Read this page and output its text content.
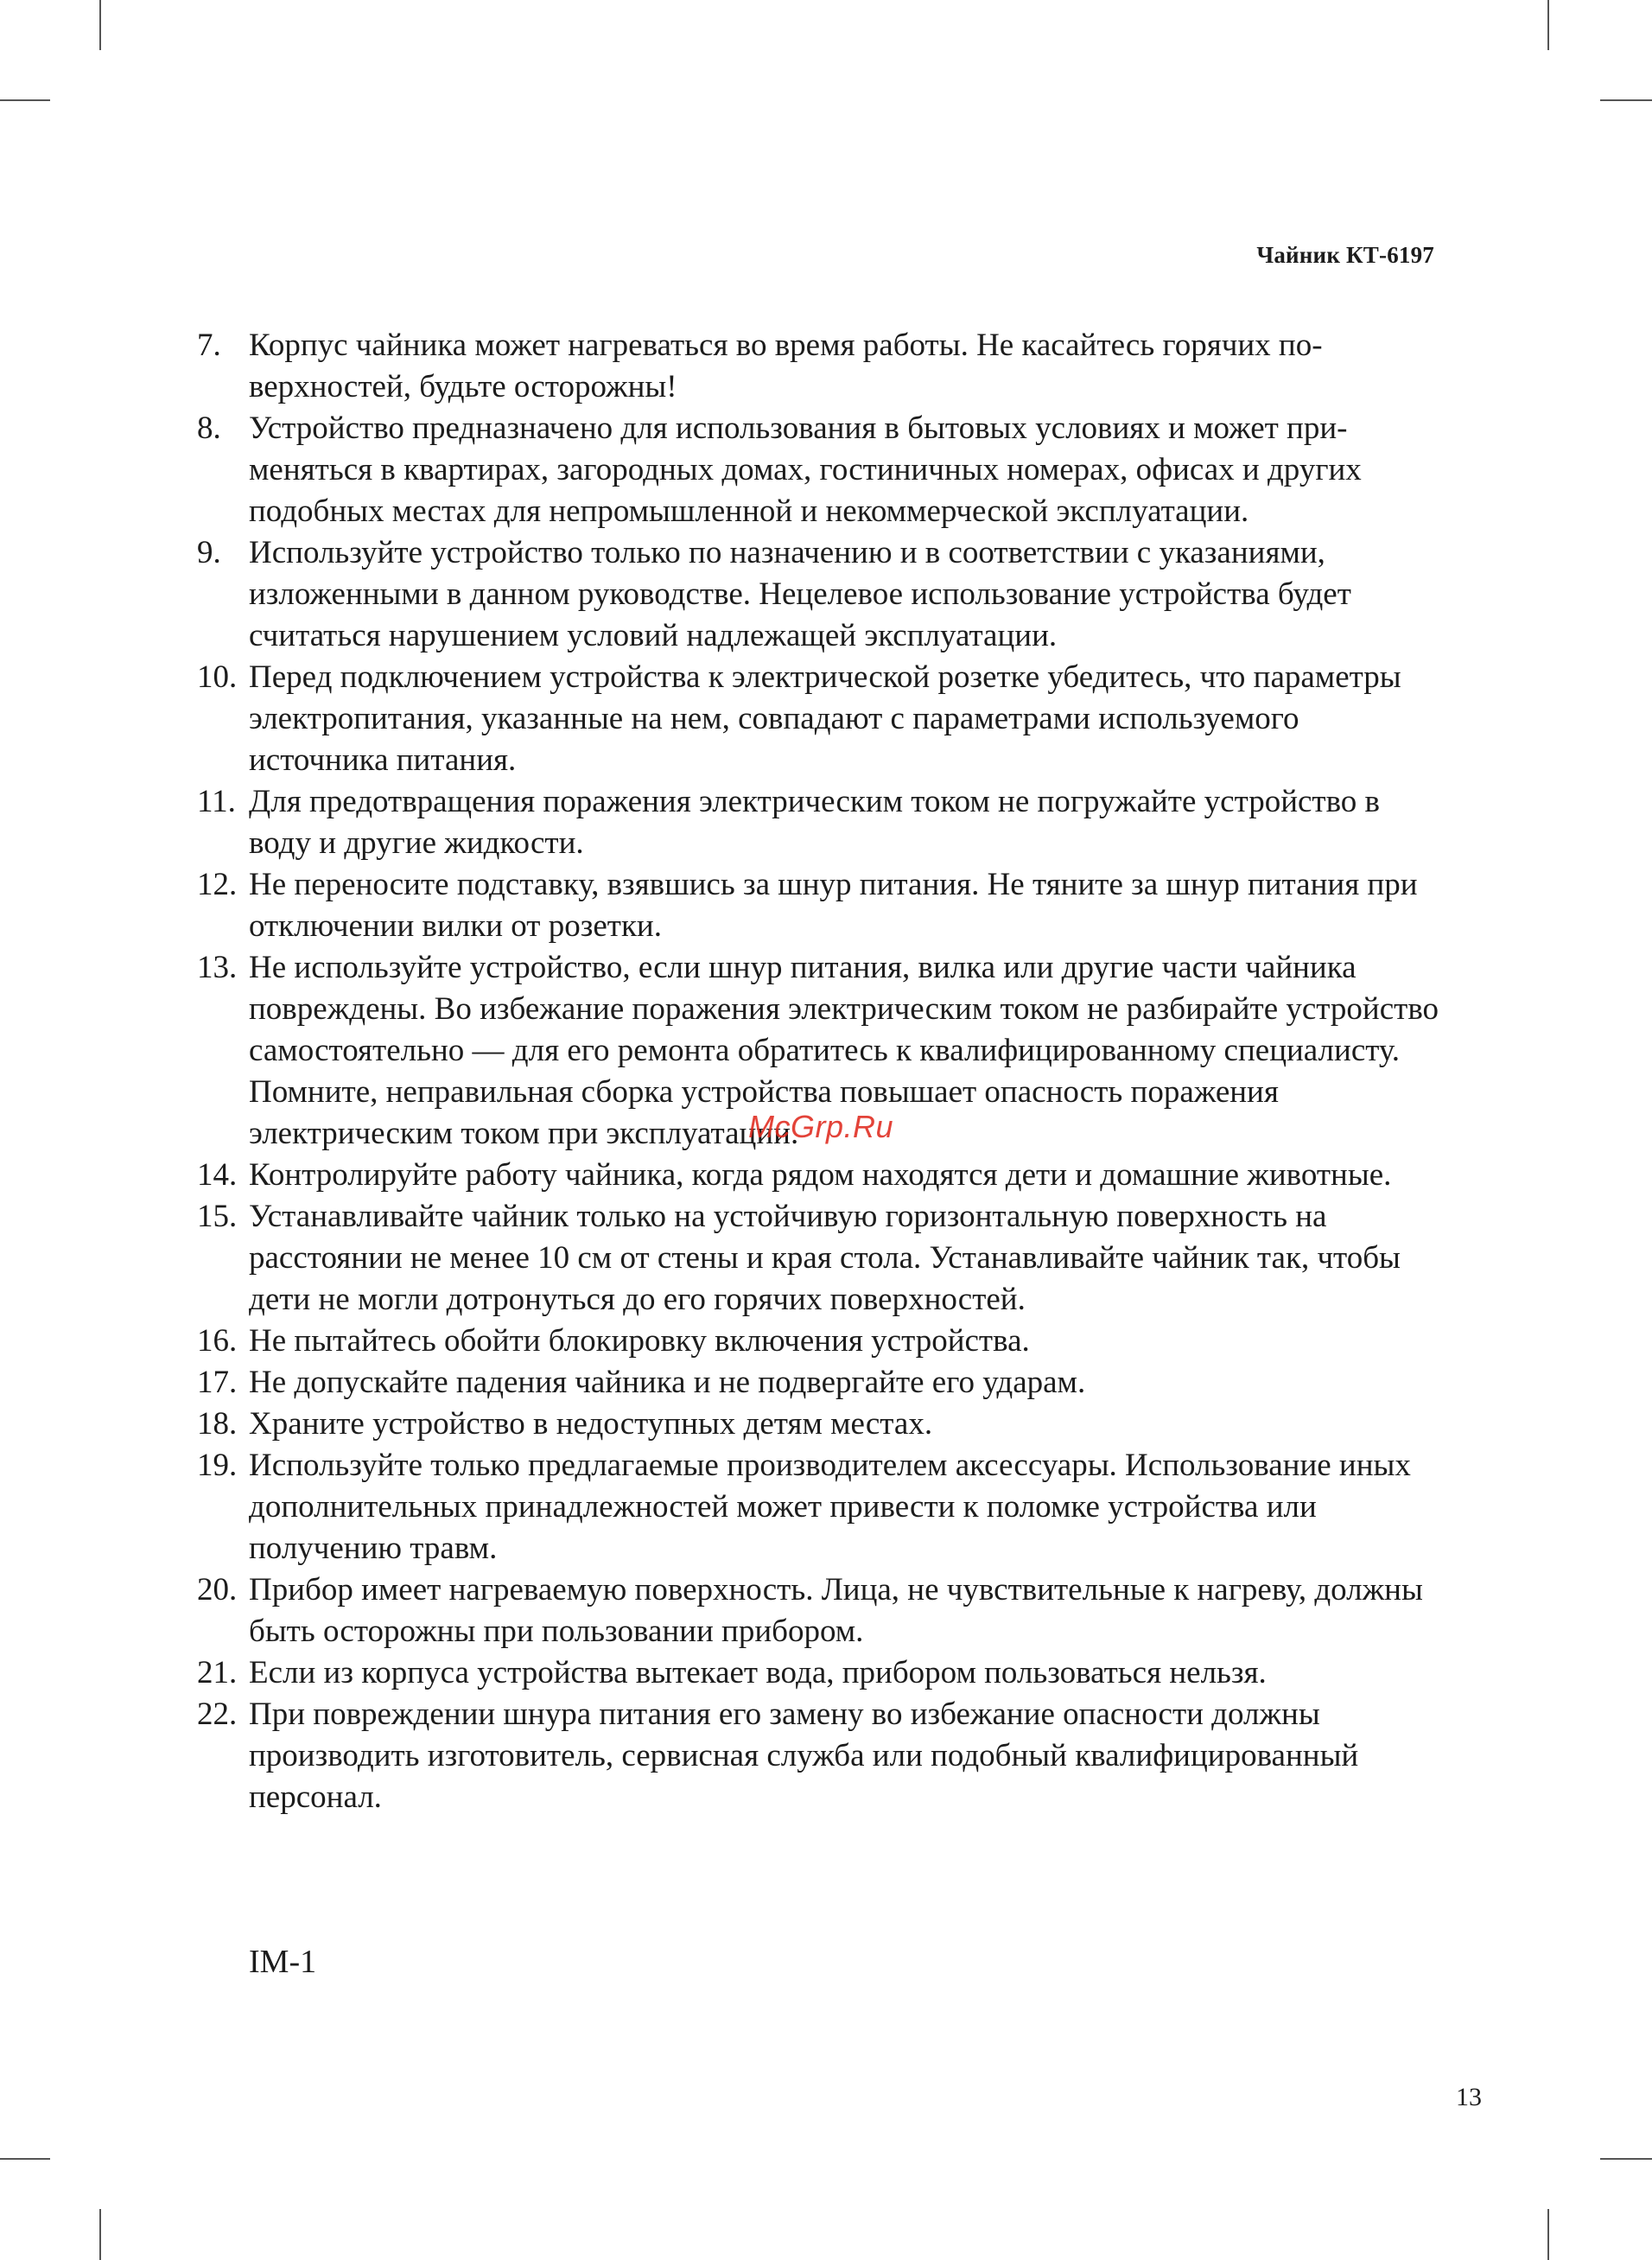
Чайник КТ-6197
7. Корпус чайника может нагреваться во время работы. Не касайтесь горячих поверхностей, будьте осторожны!
8. Устройство предназначено для использования в бытовых условиях и может применяться в квартирах, загородных домах, гостиничных номерах, офисах и других подобных местах для непромышленной и некоммерческой эксплуатации.
9. Используйте устройство только по назначению и в соответствии с указаниями, изложенными в данном руководстве. Нецелевое использование устройства будет считаться нарушением условий надлежащей эксплуатации.
10. Перед подключением устройства к электрической розетке убедитесь, что параметры электропитания, указанные на нем, совпадают с параметрами используемого источника питания.
11. Для предотвращения поражения электрическим током не погружайте устройство в воду и другие жидкости.
12. Не переносите подставку, взявшись за шнур питания. Не тяните за шнур питания при отключении вилки от розетки.
13. Не используйте устройство, если шнур питания, вилка или другие части чайника повреждены. Во избежание поражения электрическим током не разбирайте устройство самостоятельно — для его ремонта обратитесь к квалифицированному специалисту. Помните, неправильная сборка устройства повышает опасность поражения электрическим током при эксплуатации.
14. Контролируйте работу чайника, когда рядом находятся дети и домашние животные.
15. Устанавливайте чайник только на устойчивую горизонтальную поверхность на расстоянии не менее 10 см от стены и края стола. Устанавливайте чайник так, чтобы дети не могли дотронуться до его горячих поверхностей.
16. Не пытайтесь обойти блокировку включения устройства.
17. Не допускайте падения чайника и не подвергайте его ударам.
18. Храните устройство в недоступных детям местах.
19. Используйте только предлагаемые производителем аксессуары. Использование иных дополнительных принадлежностей может привести к поломке устройства или получению травм.
20. Прибор имеет нагреваемую поверхность. Лица, не чувствительные к нагреву, должны быть осторожны при пользовании прибором.
21. Если из корпуса устройства вытекает вода, прибором пользоваться нельзя.
22. При повреждении шнура питания его замену во избежание опасности должны производить изготовитель, сервисная служба или подобный квалифицированный персонал.
McGrp.Ru
IM-1
13
